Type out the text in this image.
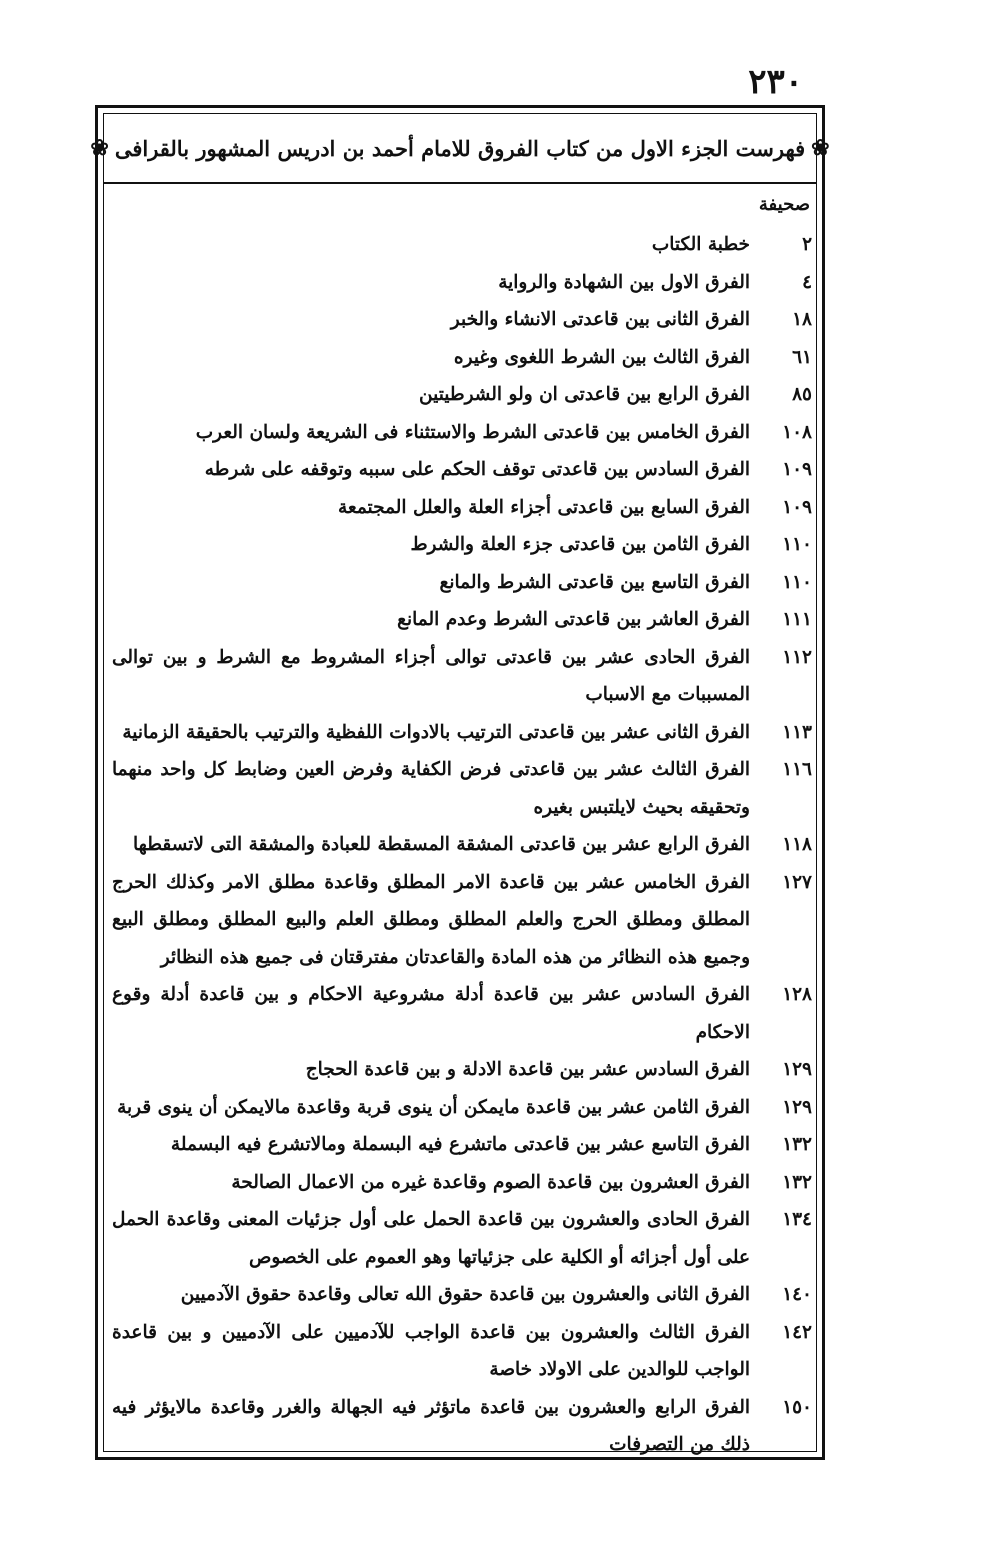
٢٣٠
❀
فهرست الجزء الاول من كتاب الفروق للامام أحمد بن ادريس المشهور بالقرافى
❀
صحيفة
٢
خطبة الكتاب
٤
الفرق الاول بين الشهادة والرواية
١٨
الفرق الثانى بين قاعدتى الانشاء والخبر
٦١
الفرق الثالث بين الشرط اللغوى وغيره
٨٥
الفرق الرابع بين قاعدتى ان ولو الشرطيتين
١٠٨
الفرق الخامس بين قاعدتى الشرط والاستثناء فى الشريعة ولسان العرب
١٠٩
الفرق السادس بين قاعدتى توقف الحكم على سببه وتوقفه على شرطه
١٠٩
الفرق السابع بين قاعدتى أجزاء العلة والعلل المجتمعة
١١٠
الفرق الثامن بين قاعدتى جزء العلة والشرط
١١٠
الفرق التاسع بين قاعدتى الشرط والمانع
١١١
الفرق العاشر بين قاعدتى الشرط وعدم المانع
١١٢
الفرق الحادى عشر بين قاعدتى توالى أجزاء المشروط مع الشرط و بين توالى المسببات مع الاسباب
١١٣
الفرق الثانى عشر بين قاعدتى الترتيب بالادوات اللفظية والترتيب بالحقيقة الزمانية
١١٦
الفرق الثالث عشر بين قاعدتى فرض الكفاية وفرض العين وضابط كل واحد منهما وتحقيقه بحيث لايلتبس بغيره
١١٨
الفرق الرابع عشر بين قاعدتى المشقة المسقطة للعبادة والمشقة التى لاتسقطها
١٢٧
الفرق الخامس عشر بين قاعدة الامر المطلق وقاعدة مطلق الامر وكذلك الحرج المطلق ومطلق الحرج والعلم المطلق ومطلق العلم والبيع المطلق ومطلق البيع وجميع هذه النظائر من هذه المادة والقاعدتان مفترقتان فى جميع هذه النظائر
١٢٨
الفرق السادس عشر بين قاعدة أدلة مشروعية الاحكام و بين قاعدة أدلة وقوع الاحكام
١٢٩
الفرق السادس عشر بين قاعدة الادلة و بين قاعدة الحجاج
١٢٩
الفرق الثامن عشر بين قاعدة مايمكن أن ينوى قربة وقاعدة مالايمكن أن ينوى قربة
١٣٢
الفرق التاسع عشر بين قاعدتى ماتشرع فيه البسملة ومالاتشرع فيه البسملة
١٣٢
الفرق العشرون بين قاعدة الصوم وقاعدة غيره من الاعمال الصالحة
١٣٤
الفرق الحادى والعشرون بين قاعدة الحمل على أول جزئيات المعنى وقاعدة الحمل على أول أجزائه أو الكلية على جزئياتها وهو العموم على الخصوص
١٤٠
الفرق الثانى والعشرون بين قاعدة حقوق الله تعالى وقاعدة حقوق الآدميين
١٤٢
الفرق الثالث والعشرون بين قاعدة الواجب للآدميين على الآدميين و بين قاعدة الواجب للوالدين على الاولاد خاصة
١٥٠
الفرق الرابع والعشرون بين قاعدة ماتؤثر فيه الجهالة والغرر وقاعدة مالايؤثر فيه ذلك من التصرفات
